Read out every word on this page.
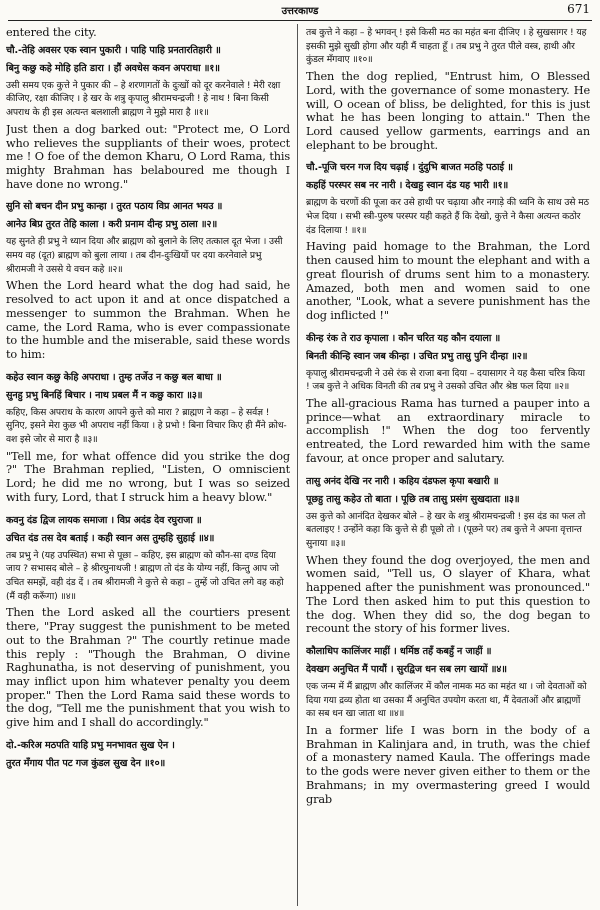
उत्तरकाण्ड	671
entered the city.
चौ.-तेहि अवसर एक स्वान पुकारी । पाहि पाहि प्रनतारतिहारी ॥
बिनु कछु कहे मोहि हति डारा । हौं अवधेस कवन अपराधा ॥१॥
उसी समय एक कुत्ते ने पुकार की – हे शरणागतों के दुःखों को दूर करनेवाले ! मेरी रक्षा कीजिए, रक्षा कीजिए । हे खर के शत्रु कृपालु श्रीरामचन्द्रजी ! हे नाथ ! बिना किसी अपराध के ही इस अत्यन्त बलशाली ब्राह्मण ने मुझे मारा है ॥१॥
Just then a dog barked out: "Protect me, O Lord who relieves the suppliants of their woes, protect me ! O foe of the demon Kharu, O Lord Rama, this mighty Brahman has belaboured me though I have done no wrong."
सुनि सो बचन दीन प्रभु कान्हा । तुरत पठाय विप्र आनत भयउ ॥
आनेउ बिप्र तुरत तेहि काला । करी प्रनाम दीन्ह प्रभु ठाला ॥२॥
यह सुनते ही प्रभु ने ध्यान दिया और ब्राह्मण को बुलाने के लिए तत्काल दूत भेजा । उसी समय वह (दूत) ब्राह्मण को बुला लाया । तब दीन-दुःखियों पर दया करनेवाले प्रभु श्रीरामजी ने उससे ये वचन कहे ॥२॥
When the Lord heard what the dog had said, he resolved to act upon it and at once dispatched a messenger to summon the Brahman. When he came, the Lord Rama, who is ever compassionate to the humble and the miserable, said these words to him:
कहेउ स्वान कछु केहि अपराधा । तुम्ह तर्जेउ न कछु बल बाधा ॥
सुनहु प्रभु बिनहिं बिचार । नाथ प्रबल मैं न कछु कारा ॥३॥
कहिए, किस अपराध के कारण आपने कुत्ते को मारा ? ब्राह्मण ने कहा – हे सर्वज्ञ ! सुनिए, इसने मेरा कुछ भी अपराध नहीं किया । हे प्रभो ! बिना विचार किए ही मैंने क्रोध-वश इसे जोर से मारा है ॥३॥
"Tell me, for what offence did you strike the dog ?" The Brahman replied, "Listen, O omniscient Lord; he did me no wrong, but I was so seized with fury, Lord, that I struck him a heavy blow."
कवनु दंड द्विज लायक समाजा । विप्र अदंड देव रघुराजा ॥
उचित दंड तस देव बताई । कही स्वान अस तुम्हहि सुहाई ॥४॥
तब प्रभु ने (यह उपस्थित) सभा से पूछा – कहिए, इस ब्राह्मण को कौन-सा दण्ड दिया जाय ? सभासद बोले – हे श्रीरघुनाथजी ! ब्राह्मण तो दंड के योग्य नहीं, किन्तु आप जो उचित समझें, वही दंड दें । तब श्रीरामजी ने कुत्ते से कहा – तुम्हें जो उचित लगे वह कहो (मैं वही करूँगा) ॥४॥
Then the Lord asked all the courtiers present there, "Pray suggest the punishment to be meted out to the Brahman ?" The courtly retinue made this reply : "Though the Brahman, O divine Raghunatha, is not deserving of punishment, you may inflict upon him whatever penalty you deem proper." Then the Lord Rama said these words to the dog, "Tell me the punishment that you wish to give him and I shall do accordingly."
दो.-करिअ मठपति याहि प्रभु मनभावत सुख ऐन ।
तुरत मँगाय पीत पट गज कुंडल सुख देन ॥१०॥
तब कुत्ते ने कहा – हे भगवन् ! इसे किसी मठ का महंत बना दीजिए । हे सुखसागर ! यह इसकी मुझे सुखी होगा और यही मैं चाहता हूँ । तब प्रभु ने तुरत पीले वस्त्र, हाथी और कुंडल मँगवाए ॥१०॥
Then the dog replied, "Entrust him, O Blessed Lord, with the governance of some monastery. He will, O ocean of bliss, be delighted, for this is just what he has been longing to attain." Then the Lord caused yellow garments, earrings and an elephant to be brought.
चौ.-पूजि चरन गज दिय चढ़ाई । दुंदुभि बाजत मठहि पठाई ॥
कहहिं परस्पर सब नर नारी । देखहु स्वान दंड यह भारी ॥१॥
ब्राह्मण के चरणों की पूजा कर उसे हाथी पर चढ़ाया और नगाड़े की ध्वनि के साथ उसे मठ भेज दिया । सभी स्त्री-पुरुष परस्पर यही कहते हैं कि देखो, कुत्ते ने कैसा अत्यन्त कठोर दंड दिलाया ! ॥१॥
Having paid homage to the Brahman, the Lord then caused him to mount the elephant and with a great flourish of drums sent him to a monastery. Amazed, both men and women said to one another, "Look, what a severe punishment has the dog inflicted !"
कीन्ह रंक ते राउ कृपाला । कौन चरित यह कौन दयाला ॥
बिनती कीन्हि स्वान जब कीन्हा । उचित प्रभु तासु पुनि दीन्हा ॥२॥
कृपालु श्रीरामचन्द्रजी ने उसे रंक से राजा बना दिया – दयासागर ने यह कैसा चरित्र किया ! जब कुत्ते ने अधिक विनती की तब प्रभु ने उसको उचित और श्रेष्ठ फल दिया ॥२॥
The all-gracious Rama has turned a pauper into a prince—what an extraordinary miracle to accomplish !" When the dog too fervently entreated, the Lord rewarded him with the same favour, at once proper and salutary.
तासु अनंद देखि नर नारी । कहिय दंडफल कृपा बखारी ॥
पूछहु तासु कहेउ तो बाता । पूछि तब तासु प्रसंग सुखदाता ॥३॥
उस कुत्ते को आनंदित देखकर बोले – हे खर के शत्रु श्रीरामचन्द्रजी ! इस दंड का फल तो बतलाइए ! उन्होंने कहा कि कुत्ते से ही पूछो तो । (पूछने पर) तब कुत्ते ने अपना वृत्तान्त सुनाया ॥३॥
When they found the dog overjoyed, the men and women said, "Tell us, O slayer of Khara, what happened after the punishment was pronounced." The Lord then asked him to put this question to the dog. When they did so, the dog began to recount the story of his former lives.
कौलाधिप कालिंजर माहीं । धर्मिष्ठ तहँ कबहुँ न जाहीं ॥
देवखग अनुचित मैं पायौं । सुरद्विज धन सब लग खायों ॥४॥
एक जन्म में मैं ब्राह्मण और कालिंजर में कौल नामक मठ का महंत था । जो देवताओं को दिया गया द्रव्य होता था उसका मैं अनुचित उपयोग करता था, मैं देवताओं और ब्राह्मणों का सब धन खा जाता था ॥४॥
In a former life I was born in the body of a Brahman in Kalinjara and, in truth, was the chief of a monastery named Kaula. The offerings made to the gods were never given either to them or the Brahmans; in my overmastering greed I would grab
